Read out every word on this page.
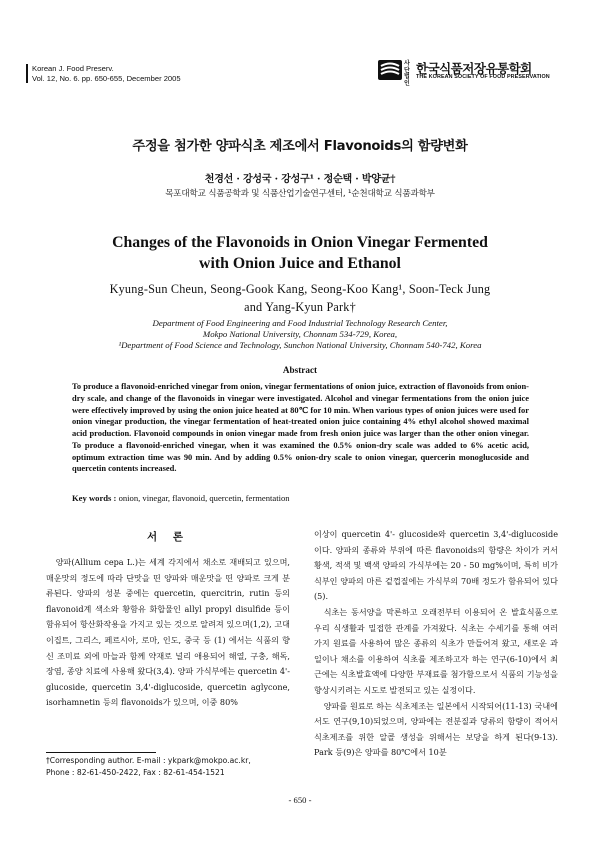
Korean J. Food Preserv.
Vol. 12, No. 6. pp. 650-655, December 2005
사단법인
한국식품저장유통학회
THE KOREAN SOCIETY OF FOOD PRESERVATION
주정을 첨가한 양파식초 제조에서 Flavonoids의 함량변화
천경선 · 강성국 · 강성구¹ · 정순택 · 박양균†
목포대학교 식품공학과 및 식품산업기술연구센터, ¹순천대학교 식품과학부
Changes of the Flavonoids in Onion Vinegar Fermented
with Onion Juice and Ethanol
Kyung-Sun Cheun, Seong-Gook Kang, Seong-Koo Kang¹, Soon-Teck Jung
and Yang-Kyun Park†
Department of Food Engineering and Food Industrial Technology Research Center,
Mokpo National University, Chonnam 534-729, Korea,
¹Department of Food Science and Technology, Sunchon National University, Chonnam 540-742, Korea
Abstract
To produce a flavonoid-enriched vinegar from onion, vinegar fermentations of onion juice, extraction of flavonoids from onion-dry scale, and change of the flavonoids in vinegar were investigated. Alcohol and vinegar fermentations from the onion juice were effectively improved by using the onion juice heated at 80℃ for 10 min. When various types of onion juices were used for onion vinegar production, the vinegar fermentation of heat-treated onion juice containing 4% ethyl alcohol showed maximal acid production. Flavonoid compounds in onion vinegar made from fresh onion juice was larger than the other onion vinegar. To produce a flavonoid-enriched vinegar, when it was examined the 0.5% onion-dry scale was added to 6% acetic acid, optimum extraction time was 90 min. And by adding 0.5% onion-dry scale to onion vinegar, quercerin monoglucoside and quercetin contents increased.
Key words : onion, vinegar, flavonoid, quercetin, fermentation
서 론

양파(Allium cepa L.)는 세계 각지에서 채소로 재배되고 있으며, 매운맛의 정도에 따라 단맛을 띤 양파와 매운맛을 띤 양파로 크게 분류된다. 양파의 성분 중에는 quercetin, quercitrin, rutin 등의 flavonoid계 색소와 황함유 화합물인 allyl propyl disulfide 등이 함유되어 항산화작용을 가지고 있는 것으로 알려져 있으며(1,2), 고대 이집트, 그리스, 페르시아, 로마, 인도, 중국 등 (1) 에서는 식품의 향신 조미료 외에 마늘과 함께 약재로 널리 애용되어 해열, 구충, 해독, 장염, 종양 치료에 사용해 왔다(3,4). 양파 가식부에는 quercetin 4'-glucoside, quercetin 3,4'-diglucoside, quercetin aglycone, isorhamnetin 등의 flavonoids가 있으며, 이중 80%

이상이 quercetin 4'- glucoside와 quercetin 3,4'-diglucoside 이다. 양파의 종류와 부위에 따른 flavonoids의 함량은 차이가 커서 황색, 적색 및 백색 양파의 가식부에는 20 - 50 mg%이며, 특히 비가식부인 양파의 마른 겉껍질에는 가식부의 70배 정도가 함유되어 있다(5).

식초는 동서양을 막론하고 오래전부터 이용되어 온 발효식품으로 우리 식생활과 밀접한 관계를 가져왔다. 식초는 수세기를 통해 여러 가지 원료를 사용하여 많은 종류의 식초가 만들어져 왔고, 새로운 과일이나 채소를 이용하여 식초를 제조하고자 하는 연구(6-10)에서 최근에는 식초발효액에 다양한 부재료를 첨가함으로서 식품의 기능성을 향상시키려는 시도로 발전되고 있는 실정이다.

양파를 원료로 하는 식초제조는 일본에서 시작되어(11-13) 국내에서도 연구(9,10)되었으며, 양파에는 전분질과 당류의 함량이 적어서 식초제조를 위한 알콜 생성을 위해서는 보당을 하게 된다(9-13). Park 등(9)은 양파를 80℃에서 10분

†Corresponding author. E-mail : ykpark@mokpo.ac.kr,
Phone : 82-61-450-2422, Fax : 82-61-454-1521
- 650 -
